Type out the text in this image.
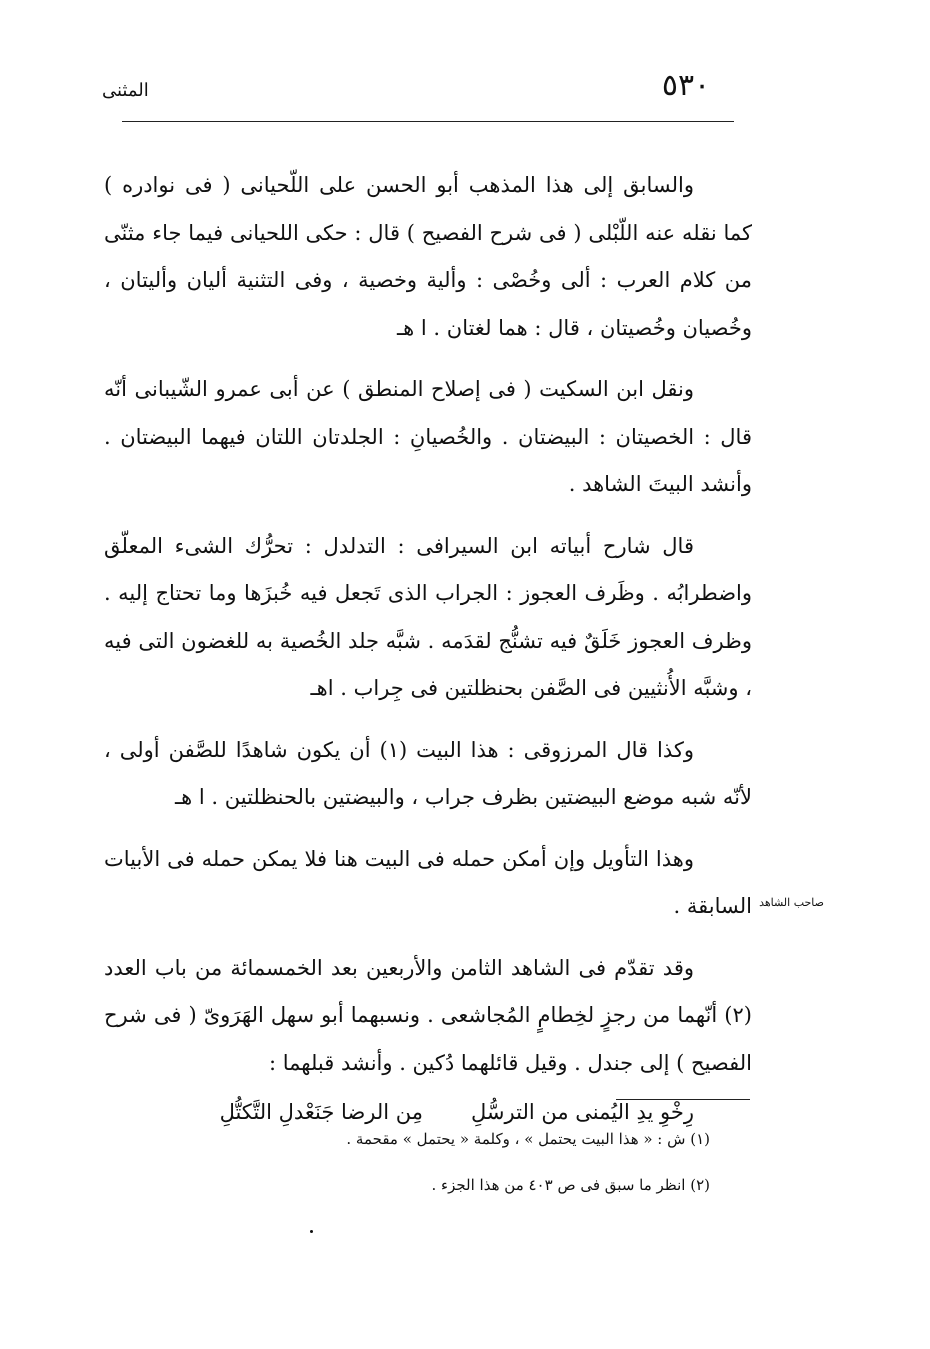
٥٣٠
المثنى

والسابق إلى هذا المذهب أبو الحسن على اللّحيانى ( فى نوادره ) كما نقله عنه اللّبْلى ( فى شرح الفصيح ) قال : حكى اللحيانى فيما جاء مثنّى من كلام العرب : ألى وخُصْى : وألية وخصية ، وفى التثنية أليان وأليتان ، وخُصيان وخُصيتان ، قال : هما لغتان . ا هـ

ونقل ابن السكيت ( فى إصلاح المنطق ) عن أبى عمرو الشّيبانى أنّه قال : الخصيتان : البيضتان . والخُصيانِ : الجلدتان اللتان فيهما البيضتان . وأنشد البيتَ الشاهد .

قال شارح أبياته ابن السيرافى : التدلدل : تحرُّك الشىء المعلّق واضطرابُه . وظَرف العجوز : الجراب الذى تَجعل فيه خُبزَها وما تحتاج إليه . وظرف العجوز خَلَقٌ فيه تشنُّج لقدَمه . شبَّه جلد الخُصية به للغضون التى فيه ، وشبَّه الأُنثيين فى الصَّفن بحنظلتين فى جِراب . اهـ

وكذا قال المرزوقى : هذا البيت (١) أن يكون شاهدًا للصَّفن أولى ، لأنّه شبه موضع البيضتين بظرف جراب ، والبيضتين بالحنظلتين . ا هـ

وهذا التأويل وإن أمكن حمله فى البيت هنا فلا يمكن حمله فى الأبيات السابقة .

وقد تقدّم فى الشاهد الثامن والأربعين بعد الخمسمائة من باب العدد (٢) أنّهما من رجزٍ لخِطامٍ المُجاشعى . ونسبهما أبو سهل الهَرَوىّ ( فى شرح الفصيح ) إلى جندل . وقيل قائلهما دُكين . وأنشد قبلهما :

رِخْوِ يدِ اليُمنى من الترسُّلِ
مِن الرضا جَنَعْدلِ التَّكتُّلِ
صاحب الشاهد

(١) ش : « هذا البيت يحتمل » ، وكلمة « يحتمل » مقحمة .

(٢) انظر ما سبق فى ص ٤٠٣ من هذا الجزء .
